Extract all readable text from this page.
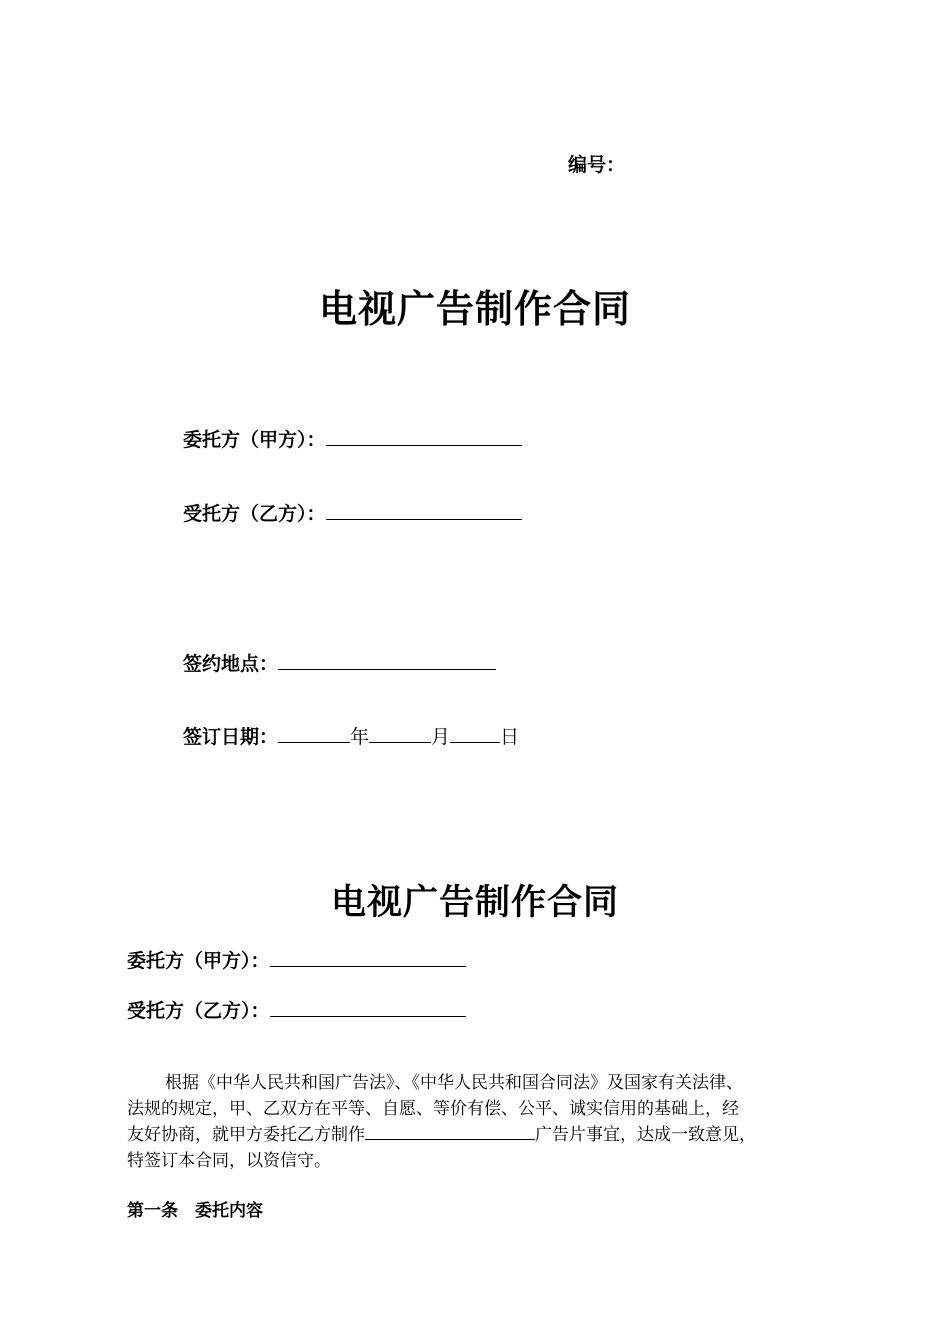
编号：
电视广告制作合同
委托方（甲方）：
受托方（乙方）：
签约地点：
签订日期：	年	月	日
电视广告制作合同
委托方（甲方）：
受托方（乙方）：

根据《中华人民共和国广告法》、《中华人民共和国合同法》及国家有关法律、

法规的规定，甲、乙双方在平等、自愿、等价有偿、公平、诚实信用的基础上，经

友好协商，就甲方委托乙方制作	广告片事宜，达成一致意见，

特签订本合同，以资信守。

第一条　委托内容
